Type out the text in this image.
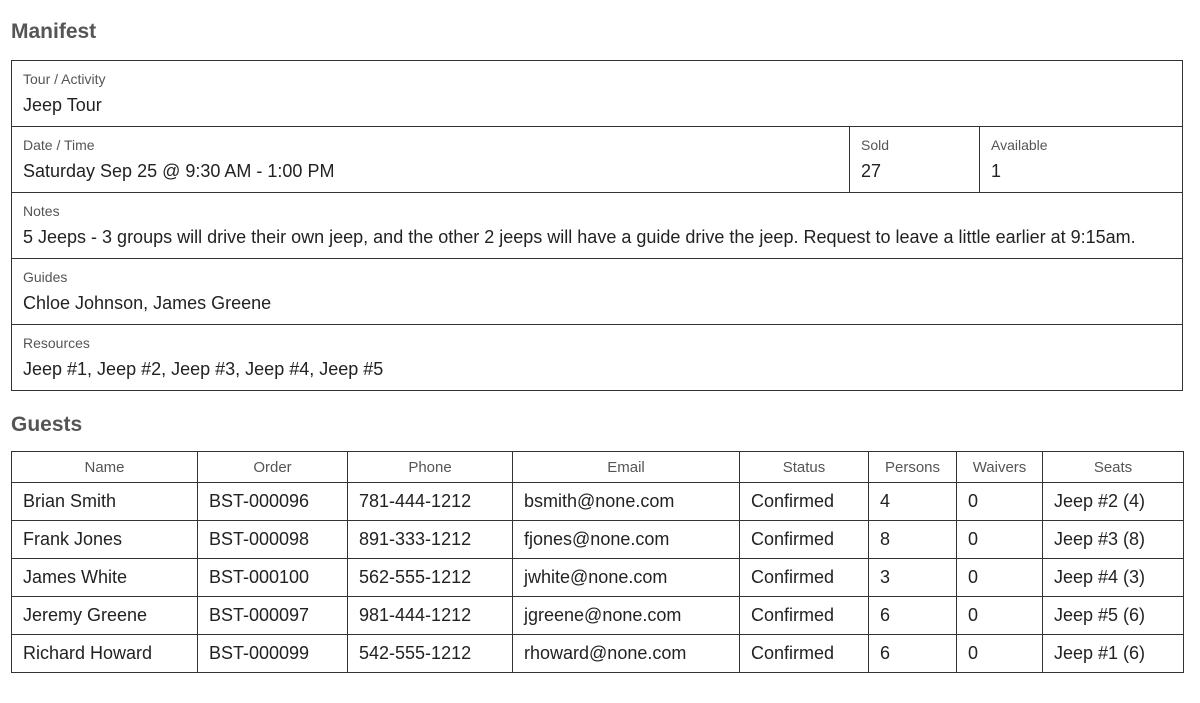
Manifest
Tour / Activity
Jeep Tour
Date / Time
Saturday Sep 25 @ 9:30 AM - 1:00 PM
Sold
27
Available
1
Notes
5 Jeeps - 3 groups will drive their own jeep, and the other 2 jeeps will have a guide drive the jeep. Request to leave a little earlier at 9:15am.
Guides
Chloe Johnson, James Greene
Resources
Jeep #1, Jeep #2, Jeep #3, Jeep #4, Jeep #5
Guests
Name	Order	Phone	Email	Status	Persons	Waivers	Seats
Brian Smith	BST-000096	781-444-1212	bsmith@none.com	Confirmed	4	0	Jeep #2 (4)
Frank Jones	BST-000098	891-333-1212	fjones@none.com	Confirmed	8	0	Jeep #3 (8)
James White	BST-000100	562-555-1212	jwhite@none.com	Confirmed	3	0	Jeep #4 (3)
Jeremy Greene	BST-000097	981-444-1212	jgreene@none.com	Confirmed	6	0	Jeep #5 (6)
Richard Howard	BST-000099	542-555-1212	rhoward@none.com	Confirmed	6	0	Jeep #1 (6)
